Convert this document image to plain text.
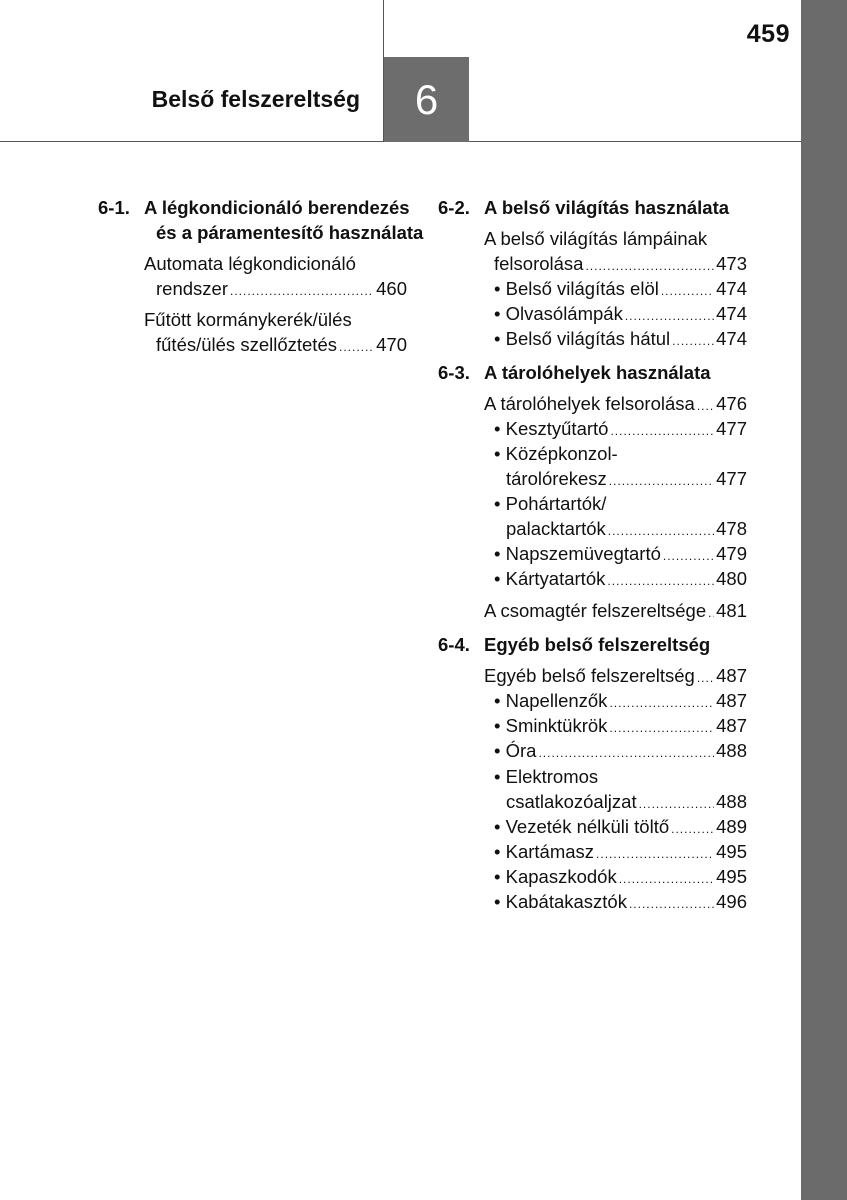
459
Belső felszereltség	6
6-1. A légkondicionáló berendezés
és a páramentesítő használata
Automata légkondicionáló
rendszer .....	460
Fűtött kormánykerék/ülés
fűtés/ülés szellőztetés ..... 470
6-2. A belső világítás használata
A belső világítás lámpáinak
felsorolása .....	473
• Belső világítás elöl .....	474
• Olvasólámpák .....	474
• Belső világítás hátul ..... 474
6-3. A tárolóhelyek használata
A tárolóhelyek felsorolása ..... 476
• Kesztyűtartó .....	477
• Középkonzol-
tárolórekesz .....	477
• Pohártartók/
palacktartók .....	478
• Napszemüvegtartó .....	479
• Kártyatartók .....	480
A csomagtér felszereltsége ..... 481
6-4. Egyéb belső felszereltség
Egyéb belső felszereltség ..... 487
• Napellenzők .....	487
• Sminktükrök .....	487
• Óra .....	488
• Elektromos
csatlakozóaljzat .....	488
• Vezeték nélküli töltő .....	489
• Kartámasz .....	495
• Kapaszkodók .....	495
• Kabátakasztók .....	496
